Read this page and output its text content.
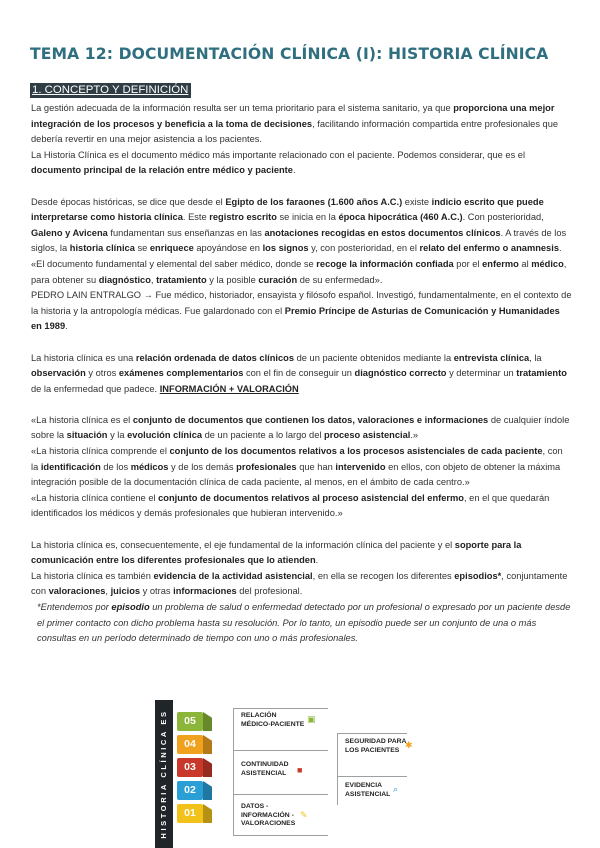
TEMA 12: DOCUMENTACIÓN CLÍNICA (I): HISTORIA CLÍNICA
1. CONCEPTO Y DEFINICIÓN

La gestión adecuada de la información resulta ser un tema prioritario para el sistema sanitario, ya que proporciona una mejor integración de los procesos y beneficia a la toma de decisiones, facilitando información compartida entre profesionales que debería revertir en una mejor asistencia a los pacientes.

La Historia Clínica es el documento médico más importante relacionado con el paciente. Podemos considerar, que es el documento principal de la relación entre médico y paciente.

Desde épocas históricas, se dice que desde el Egipto de los faraones (1.600 años A.C.) existe indicio escrito que puede interpretarse como historia clínica. Este registro escrito se inicia en la época hipocrática (460 A.C.). Con posterioridad, Galeno y Avicena fundamentan sus enseñanzas en las anotaciones recogidas en estos documentos clínicos. A través de los siglos, la historia clínica se enriquece apoyándose en los signos y, con posterioridad, en el relato del enfermo o anamnesis.

«El documento fundamental y elemental del saber médico, donde se recoge la información confiada por el enfermo al médico, para obtener su diagnóstico, tratamiento y la posible curación de su enfermedad».

PEDRO LAIN ENTRALGO → Fue médico, historiador, ensayista y filósofo español. Investigó, fundamentalmente, en el contexto de la historia y la antropología médicas. Fue galardonado con el Premio Príncipe de Asturias de Comunicación y Humanidades en 1989.

La historia clínica es una relación ordenada de datos clínicos de un paciente obtenidos mediante la entrevista clínica, la observación y otros exámenes complementarios con el fin de conseguir un diagnóstico correcto y determinar un tratamiento de la enfermedad que padece. INFORMACIÓN + VALORACIÓN

«La historia clínica es el conjunto de documentos que contienen los datos, valoraciones e informaciones de cualquier índole sobre la situación y la evolución clínica de un paciente a lo largo del proceso asistencial.»

«La historia clínica comprende el conjunto de los documentos relativos a los procesos asistenciales de cada paciente, con la identificación de los médicos y de los demás profesionales que han intervenido en ellos, con objeto de obtener la máxima integración posible de la documentación clínica de cada paciente, al menos, en el ámbito de cada centro.»

«La historia clínica contiene el conjunto de documentos relativos al proceso asistencial del enfermo, en el que quedarán identificados los médicos y demás profesionales que hubieran intervenido.»

La historia clínica es, consecuentemente, el eje fundamental de la información clínica del paciente y el soporte para la comunicación entre los diferentes profesionales que lo atienden.

La historia clínica es también evidencia de la actividad asistencial, en ella se recogen los diferentes episodios*, conjuntamente con valoraciones, juicios y otras informaciones del profesional.

*Entendemos por episodio un problema de salud o enfermedad detectado por un profesional o expresado por un paciente desde el primer contacto con dicho problema hasta su resolución. Por lo tanto, un episodio puede ser un conjunto de una o más consultas en un período determinado de tiempo con uno o más profesionales.

HISTORIA CLÍNICA ES	05
04
03
02
01
RELACIÓN
MÉDICO-PACIENTE ▣
CONTINUIDAD
ASISTENCIAL ■
DATOS -
INFORMACIÓN -
VALORACIONES
✎
SEGURIDAD PARA
LOS PACIENTES ✱
EVIDENCIA
ASISTENCIAL ⌕
